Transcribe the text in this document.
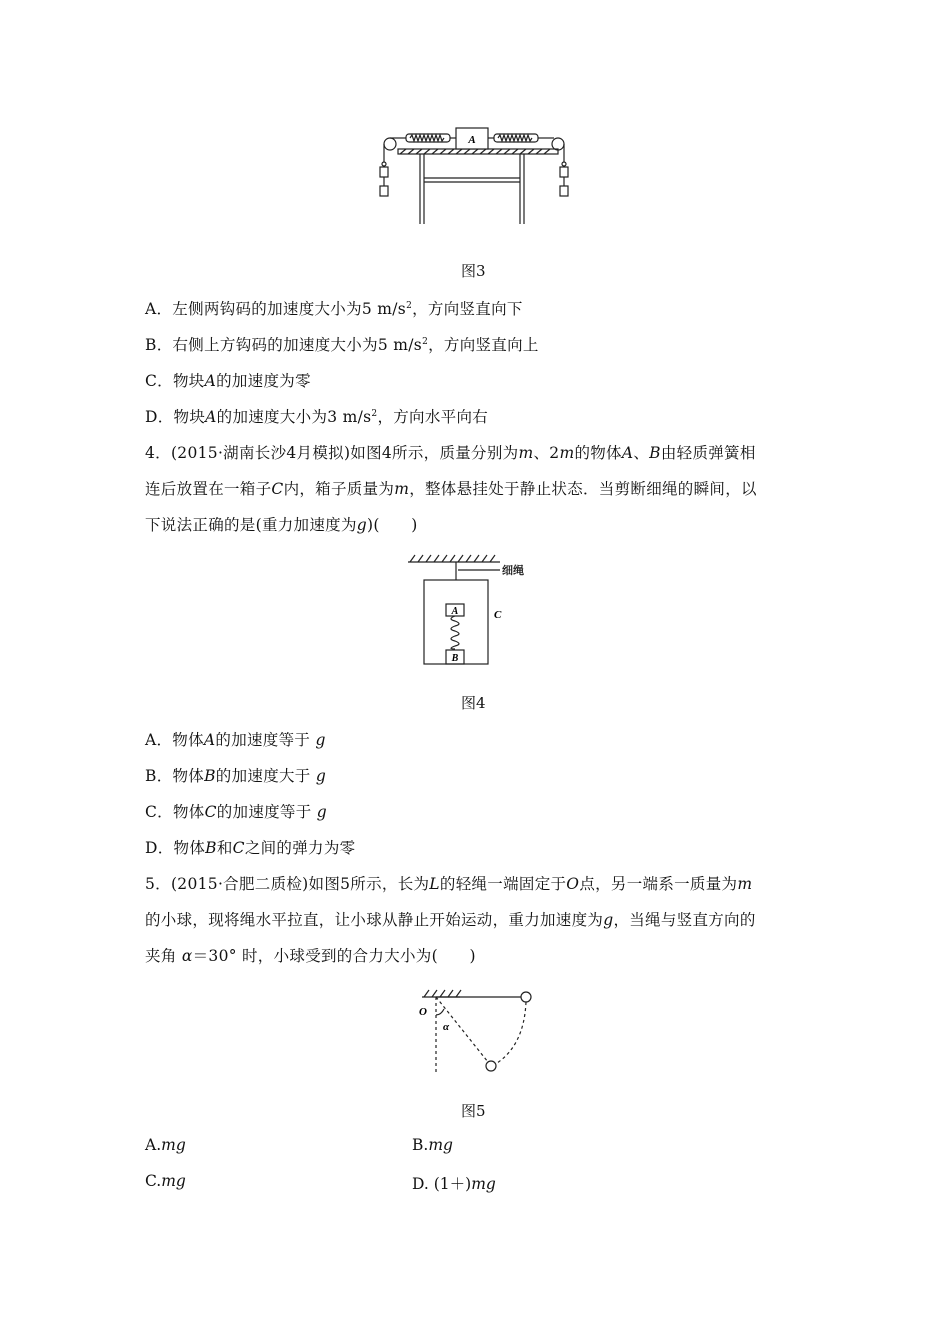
A
图3
A．左侧两钩码的加速度大小为5 $m/s^2$，方向竖直向下
B．右侧上方钩码的加速度大小为5 $m/s^2$，方向竖直向上
C．物块A的加速度为零
D．物块A的加速度大小为3 $m/s^2$，方向水平向右
4．(2015·湖南长沙4月模拟)如图4所示，质量分别为m、2m的物体A、B由轻质弹簧相
连后放置在一箱子C内，箱子质量为m，整体悬挂处于静止状态．当剪断细绳的瞬间，以
下说法正确的是(重力加速度为g)(　　)
细绳
A
B
C
图4
A．物体A的加速度等于 g
B．物体B的加速度大于 g
C．物体C的加速度等于 g
D．物体B和C之间的弹力为零
5．(2015·合肥二质检)如图5所示，长为L的轻绳一端固定于O点，另一端系一质量为m
的小球，现将绳水平拉直，让小球从静止开始运动，重力加速度为g，当绳与竖直方向的
夹角 α＝30° 时，小球受到的合力大小为(　　)
O
α
图5
A.mg	B.mg
C.mg	D. (1＋)mg
